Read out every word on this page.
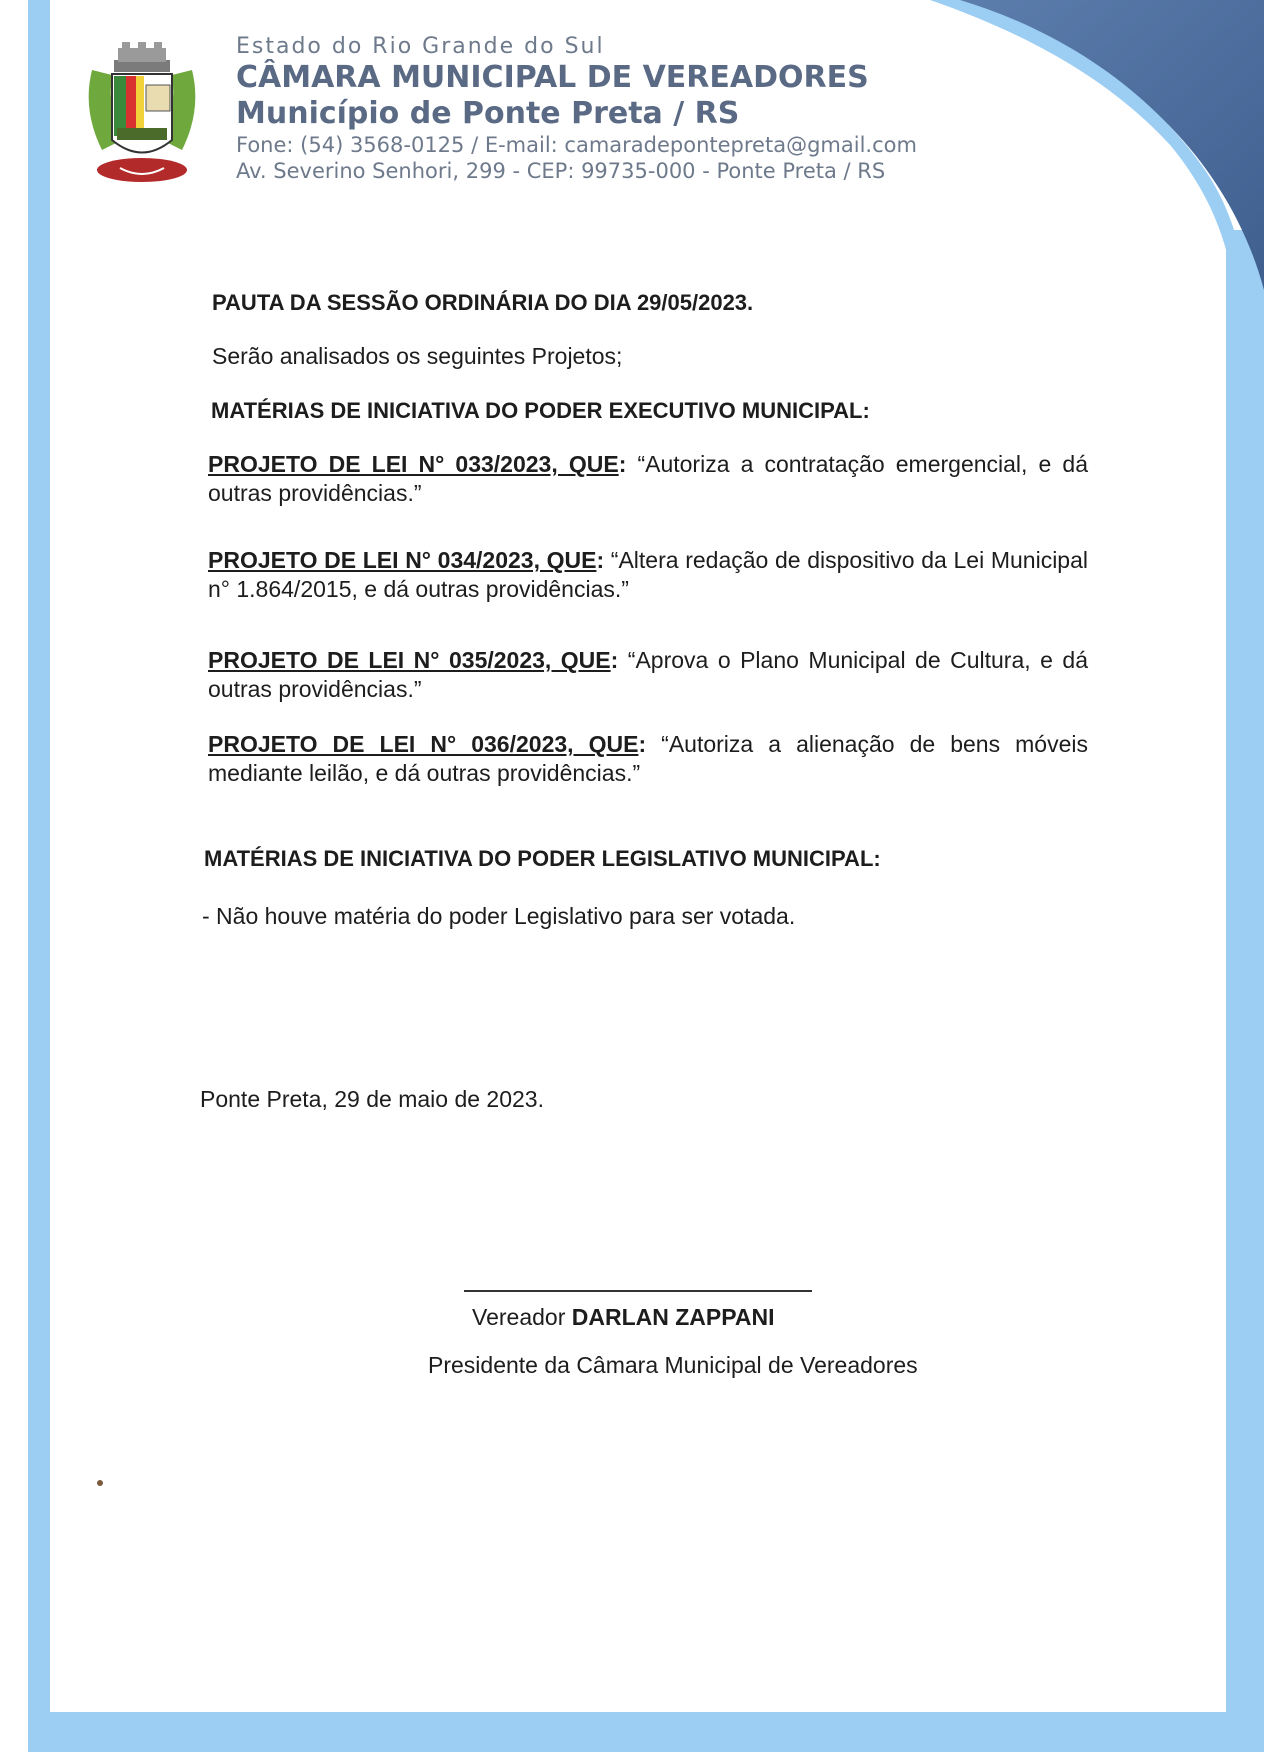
Estado do Rio Grande do Sul
CÂMARA MUNICIPAL DE VEREADORES
Município de Ponte Preta / RS
Fone: (54) 3568-0125 / E-mail: camaradepontepreta@gmail.com
Av. Severino Senhori, 299 - CEP: 99735-000 - Ponte Preta / RS
PAUTA DA SESSÃO ORDINÁRIA DO DIA 29/05/2023.
Serão analisados os seguintes Projetos;
MATÉRIAS DE INICIATIVA DO PODER EXECUTIVO MUNICIPAL:
PROJETO DE LEI N° 033/2023, QUE: “Autoriza a contratação emergencial, e dá outras providências.”
PROJETO DE LEI N° 034/2023, QUE: “Altera redação de dispositivo da Lei Municipal n° 1.864/2015, e dá outras providências.”
PROJETO DE LEI N° 035/2023, QUE: “Aprova o Plano Municipal de Cultura, e dá outras providências.”
PROJETO DE LEI N° 036/2023, QUE: “Autoriza a alienação de bens móveis mediante leilão, e dá outras providências.”
MATÉRIAS DE INICIATIVA DO PODER LEGISLATIVO MUNICIPAL:
- Não houve matéria do poder Legislativo para ser votada.
Ponte Preta, 29 de maio de 2023.
Vereador DARLAN ZAPPANI
Presidente da Câmara Municipal de Vereadores
